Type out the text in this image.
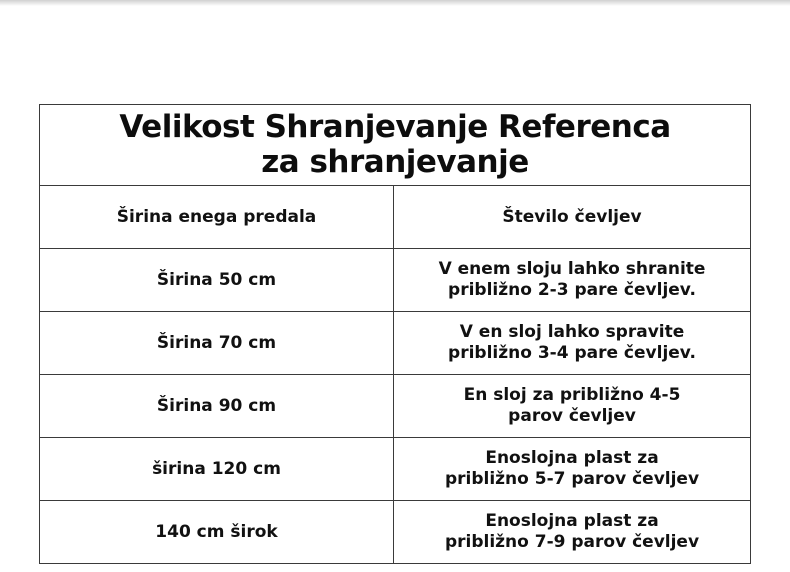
Velikost Shranjevanje Referenca
za shranjevanje	

Širina enega predala	Število čevljev
Širina 50 cm	V enem sloju lahko shranite
približno 2-3 pare čevljev.

Širina 70 cm	V en sloj lahko spravite
približno 3-4 pare čevljev.

Širina 90 cm	En sloj za približno 4-5
parov čevljev

širina 120 cm	Enoslojna plast za
približno 5-7 parov čevljev

140 cm širok	Enoslojna plast za
približno 7-9 parov čevljev
